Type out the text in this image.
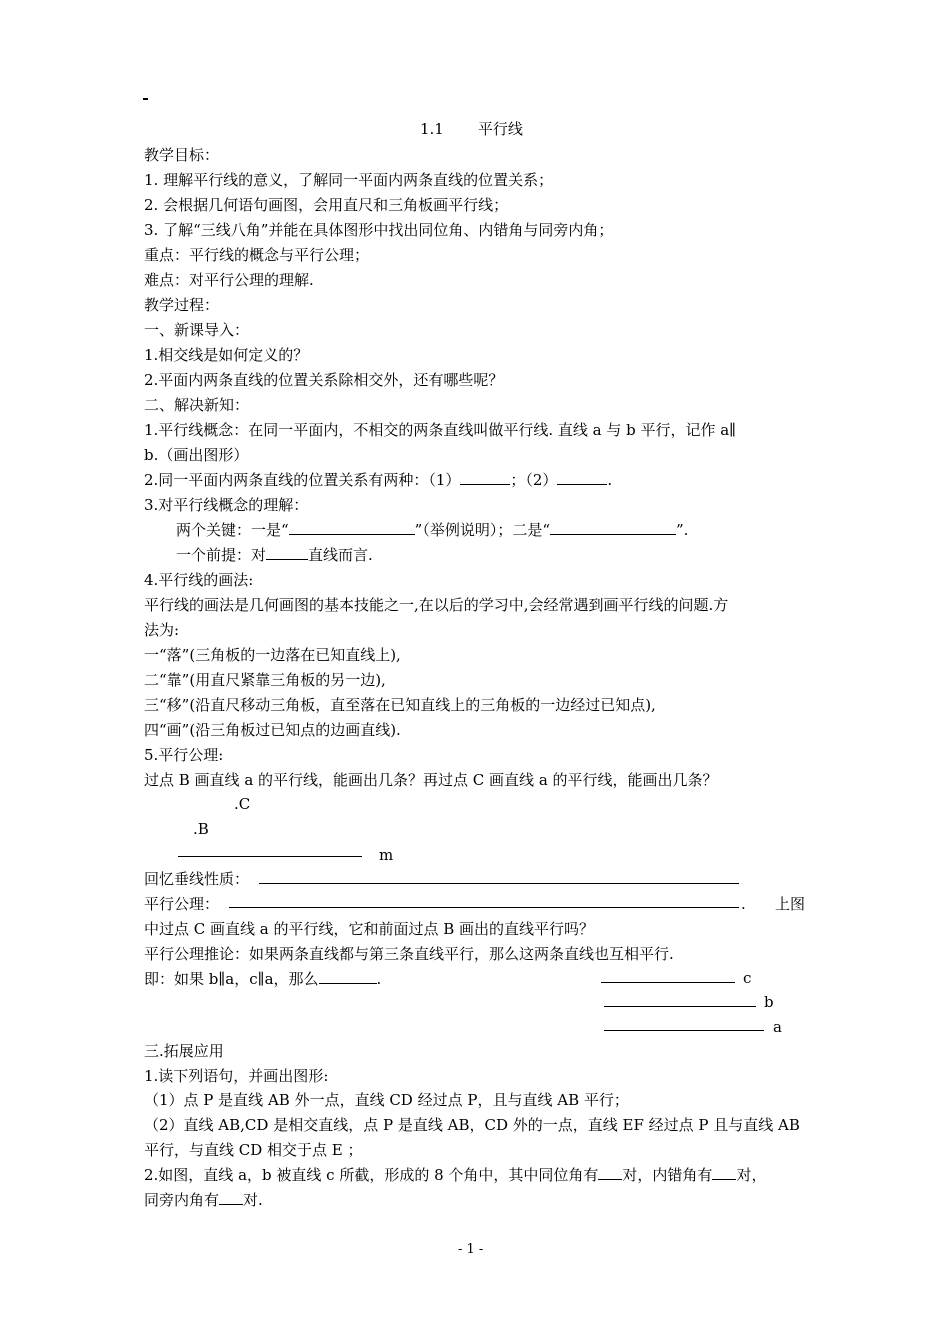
1.1 平行线
教学目标：
1. 理解平行线的意义，了解同一平面内两条直线的位置关系；
2. 会根据几何语句画图，会用直尺和三角板画平行线；
3. 了解“三线八角”并能在具体图形中找出同位角、内错角与同旁内角；
重点：平行线的概念与平行公理；
难点：对平行公理的理解.
教学过程：
一、新课导入：
1.相交线是如何定义的？
2.平面内两条直线的位置关系除相交外，还有哪些呢？
二、解决新知：
1.平行线概念：在同一平面内，不相交的两条直线叫做平行线. 直线 a 与 b 平行，记作 a∥
b.（画出图形）
2.同一平面内两条直线的位置关系有两种：（1）	；（2）	.
3.对平行线概念的理解：
两个关键：一是“	”（举例说明）；二是“	”.
一个前提：对	直线而言.
4.平行线的画法:
平行线的画法是几何画图的基本技能之一,在以后的学习中,会经常遇到画平行线的问题.方
法为:
一“落”(三角板的一边落在已知直线上),
二“靠”(用直尺紧靠三角板的另一边),
三“移”(沿直尺移动三角板，直至落在已知直线上的三角板的一边经过已知点),
四“画”(沿三角板过已知点的边画直线).
5.平行公理:
过点 B 画直线 a 的平行线，能画出几条？再过点 C 画直线 a 的平行线，能画出几条？
.C
.B
m
回忆垂线性质：
平行公理：	. 上图
中过点 C 画直线 a 的平行线，它和前面过点 B 画出的直线平行吗？
平行公理推论：如果两条直线都与第三条直线平行，那么这两条直线也互相平行.
即：如果 b∥a，c∥a，那么	.	c
b
a
三.拓展应用
1.读下列语句，并画出图形:
（1）点 P 是直线 AB 外一点，直线 CD 经过点 P，且与直线 AB 平行；
（2）直线 AB,CD 是相交直线，点 P 是直线 AB，CD 外的一点，直线 EF 经过点 P 且与直线 AB
平行，与直线 CD 相交于点 E ；
2.如图，直线 a，b 被直线 c 所截，形成的 8 个角中，其中同位角有 对，内错角有 对，
同旁内角有 对.
- 1 -
